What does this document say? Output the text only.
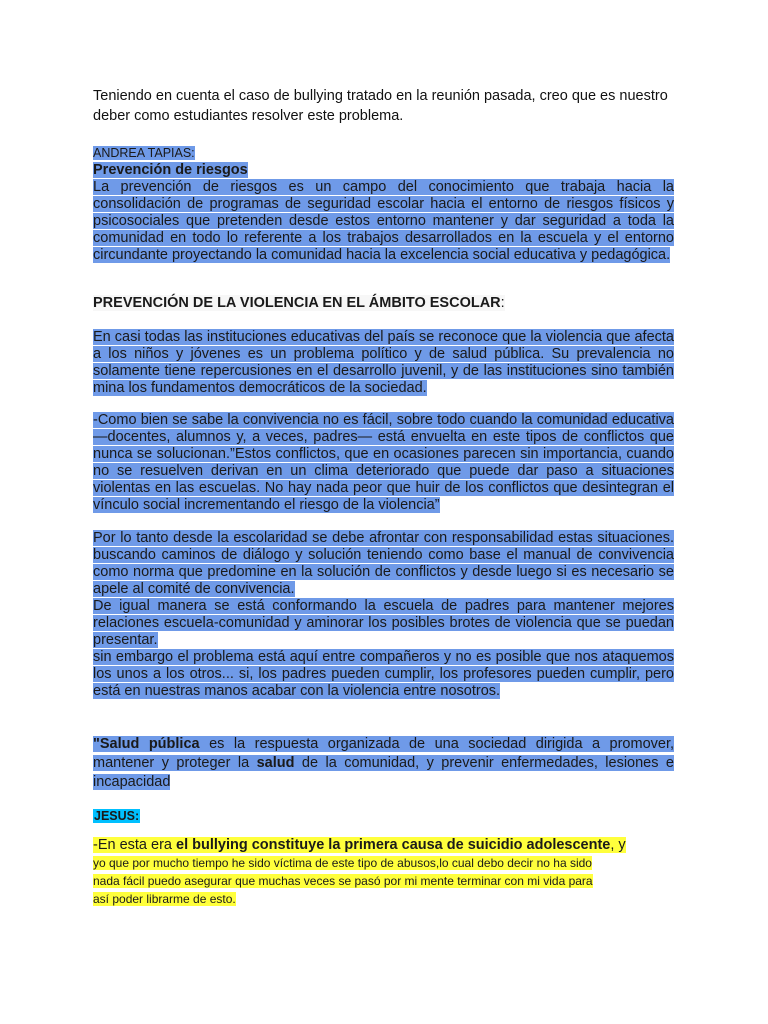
Teniendo en cuenta el caso de bullying tratado en la reunión pasada, creo que es nuestro deber como estudiantes resolver este problema.
ANDREA TAPIAS:
Prevención de riesgos
La prevención de riesgos es un campo del conocimiento que trabaja hacia la consolidación de programas de seguridad escolar hacia el entorno de riesgos físicos y psicosociales que pretenden desde estos entorno mantener y dar seguridad a toda la comunidad en todo lo referente a los trabajos desarrollados en la escuela y el entorno circundante proyectando la comunidad hacia la excelencia social educativa y pedagógica.
PREVENCIÓN DE LA VIOLENCIA EN EL ÁMBITO ESCOLAR:
En casi todas las instituciones educativas del país se reconoce que la violencia que afecta a los niños y jóvenes es un problema político y de salud pública. Su prevalencia no solamente tiene repercusiones en el desarrollo juvenil, y de las instituciones sino también mina los fundamentos democráticos de la sociedad.
-Como bien se sabe la convivencia no es fácil, sobre todo cuando la comunidad educativa —docentes, alumnos y, a veces, padres— está envuelta en este tipos de conflictos que nunca se solucionan.”Estos conflictos, que en ocasiones parecen sin importancia, cuando no se resuelven derivan en un clima deteriorado que puede dar paso a situaciones violentas en las escuelas. No hay nada peor que huir de los conflictos que desintegran el vínculo social incrementando el riesgo de la violencia”
Por lo tanto desde la escolaridad se debe afrontar con responsabilidad estas situaciones. buscando caminos de diálogo y solución teniendo como base el manual de convivencia como norma que predomine en la solución de conflictos y desde luego si es necesario se apele al comité de convivencia.
De igual manera se está conformando la escuela de padres para mantener mejores relaciones escuela-comunidad y aminorar los posibles brotes de violencia que se puedan presentar.
sin embargo el problema está aquí entre compañeros y no es posible que nos ataquemos los unos a los otros... si, los padres pueden cumplir, los profesores pueden cumplir, pero está en nuestras manos acabar con la violencia entre nosotros.
"Salud pública es la respuesta organizada de una sociedad dirigida a promover, mantener y proteger la salud de la comunidad, y prevenir enfermedades, lesiones e incapacidad
JESUS:
-En esta era el bullying constituye la primera causa de suicidio adolescente, y
yo que por mucho tiempo he sido víctima de este tipo de abusos,lo cual debo decir no ha sido
nada fácil puedo asegurar que muchas veces se pasó por mi mente terminar con mi vida para
así poder librarme de esto.
